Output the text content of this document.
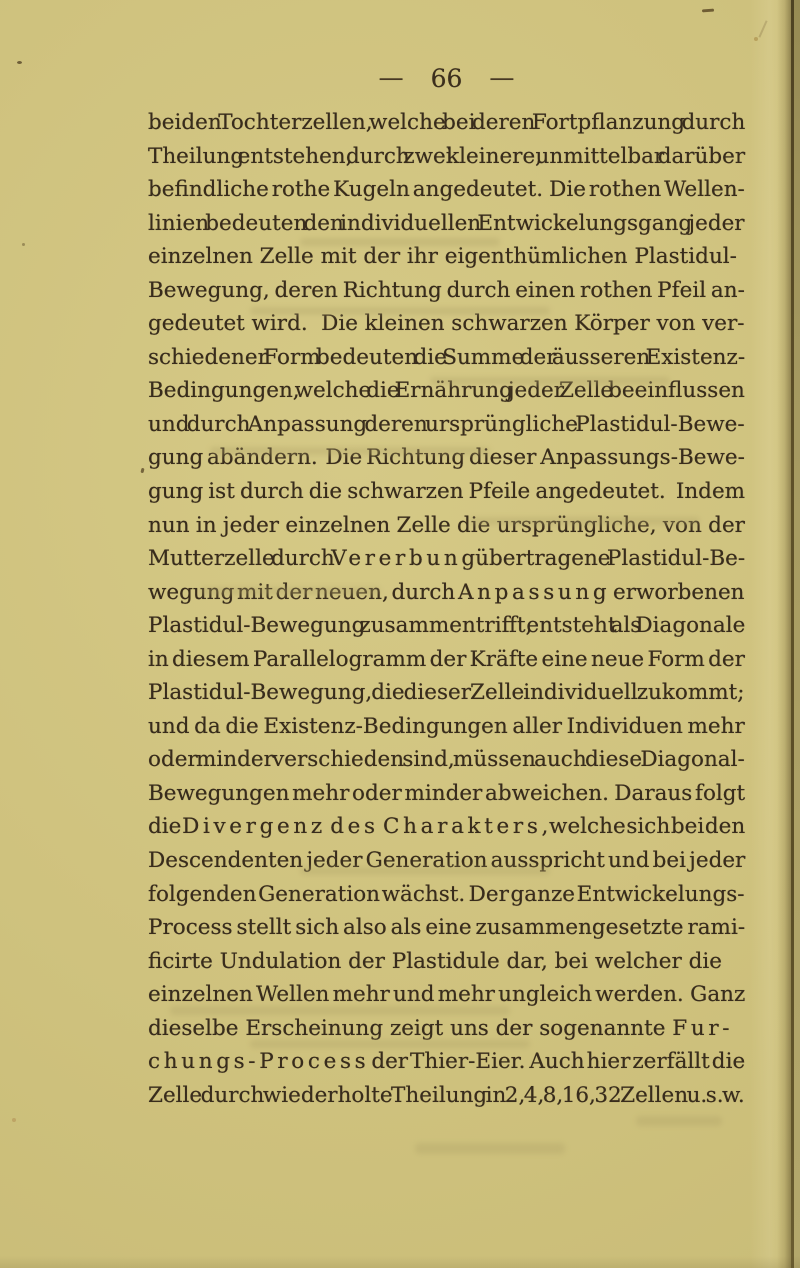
— 66 —
beiden Tochterzellen, welche bei deren Fortpflanzung durch
Theilung entstehen, durch zwei kleinere, unmittelbar darüber
befindliche rothe Kugeln angedeutet.  Die rothen Wellen-
linien bedeuten den individuellen Entwickelungsgang jeder
einzelnen Zelle mit der ihr eigenthümlichen Plastidul-
Bewegung, deren Richtung durch einen rothen Pfeil an-
gedeutet wird.  Die kleinen schwarzen Körper von ver-
schiedener Form bedeuten die Summe der äusseren Existenz-
Bedingungen, welche die Ernährung jeder Zelle beeinflussen
und durch Anpassung deren ursprüngliche Plastidul-Bewe-
gung abändern.  Die Richtung dieser Anpassungs-Bewe-
gung ist durch die schwarzen Pfeile angedeutet.  Indem
nun in jeder einzelnen Zelle die ursprüngliche, von der
Mutterzelle durch Vererbung übertragene Plastidul-Be-
wegung mit der neuen, durch Anpassung erworbenen
Plastidul-Bewegung zusammentrifft, entsteht als Diagonale
in diesem Parallelogramm der Kräfte eine neue Form der
Plastidul-Bewegung, die dieser Zelle individuell zukommt;
und da die Existenz-Bedingungen aller Individuen mehr
oder minder verschieden sind, müssen auch diese Diagonal-
Bewegungen mehr oder minder abweichen.  Daraus folgt
die Divergenz des Charakters, welche sich bei den
Descendenten jeder Generation ausspricht und bei jeder
folgenden Generation wächst.  Der ganze Entwickelungs-
Process stellt sich also als eine zusammengesetzte rami-
ficirte Undulation der Plastidule dar, bei welcher die
einzelnen Wellen mehr und mehr ungleich werden.  Ganz
dieselbe Erscheinung zeigt uns der sogenannte Fur-
chungs-Process der Thier-Eier.  Auch hier zerfällt die
Zelle durch wiederholte Theilung in 2, 4, 8, 16, 32 Zellen u. s. w.
